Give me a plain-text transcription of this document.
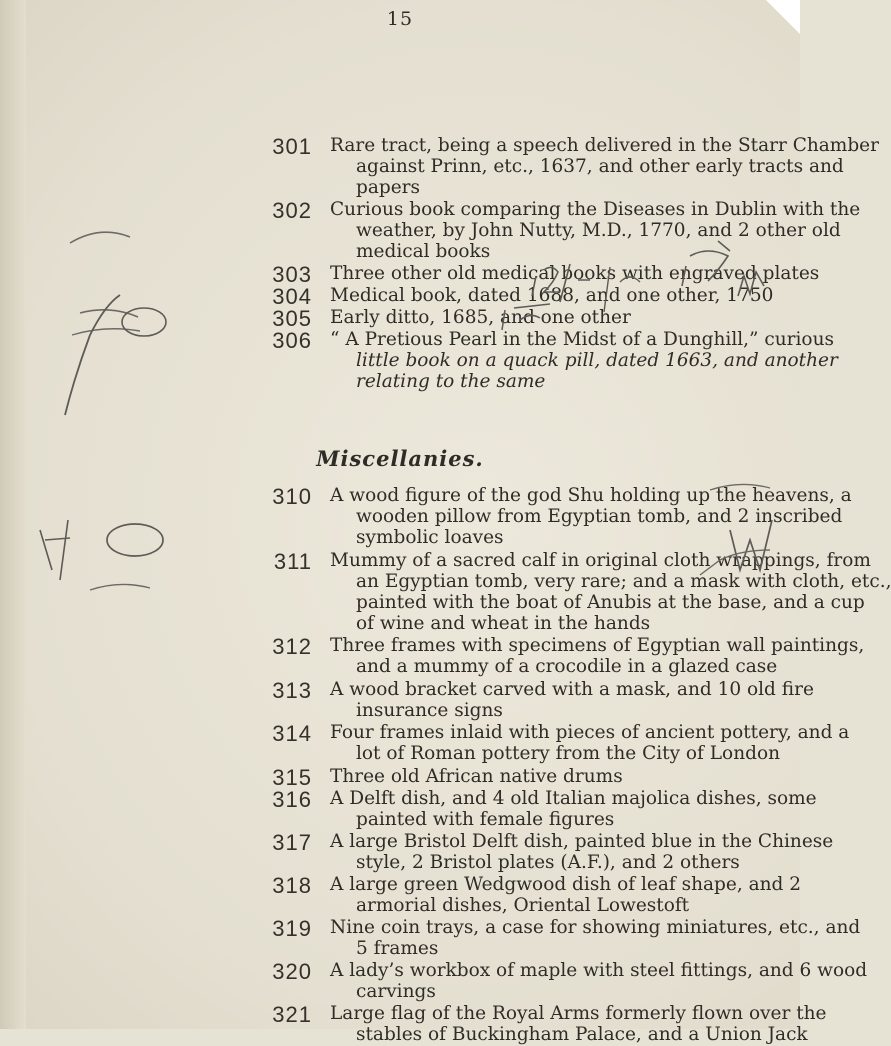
15
301 Rare tract, being a speech delivered in the Starr Chamber
against Prinn, etc., 1637, and other early tracts and
papers
302 Curious book comparing the Diseases in Dublin with the
weather, by John Nutty, M.D., 1770, and 2 other old
medical books
303 Three other old medical books with engraved plates
304 Medical book, dated 1688, and one other, 1750
305 Early ditto, 1685, and one other
306 “ A Pretious Pearl in the Midst of a Dunghill,” curious
little book on a quack pill, dated 1663, and another
relating to the same
Miscellanies.
310 A wood figure of the god Shu holding up the heavens, a
wooden pillow from Egyptian tomb, and 2 inscribed
symbolic loaves
311 Mummy of a sacred calf in original cloth wrappings, from
an Egyptian tomb, very rare; and a mask with cloth, etc.,
painted with the boat of Anubis at the base, and a cup
of wine and wheat in the hands
312 Three frames with specimens of Egyptian wall paintings,
and a mummy of a crocodile in a glazed case
313 A wood bracket carved with a mask, and 10 old fire
insurance signs
314 Four frames inlaid with pieces of ancient pottery, and a
lot of Roman pottery from the City of London
315 Three old African native drums
316 A Delft dish, and 4 old Italian majolica dishes, some
painted with female figures
317 A large Bristol Delft dish, painted blue in the Chinese
style, 2 Bristol plates (A.F.), and 2 others
318 A large green Wedgwood dish of leaf shape, and 2
armorial dishes, Oriental Lowestoft
319 Nine coin trays, a case for showing miniatures, etc., and
5 frames
320 A lady’s workbox of maple with steel fittings, and 6 wood
carvings
321 Large flag of the Royal Arms formerly flown over the
stables of Buckingham Palace, and a Union Jack
